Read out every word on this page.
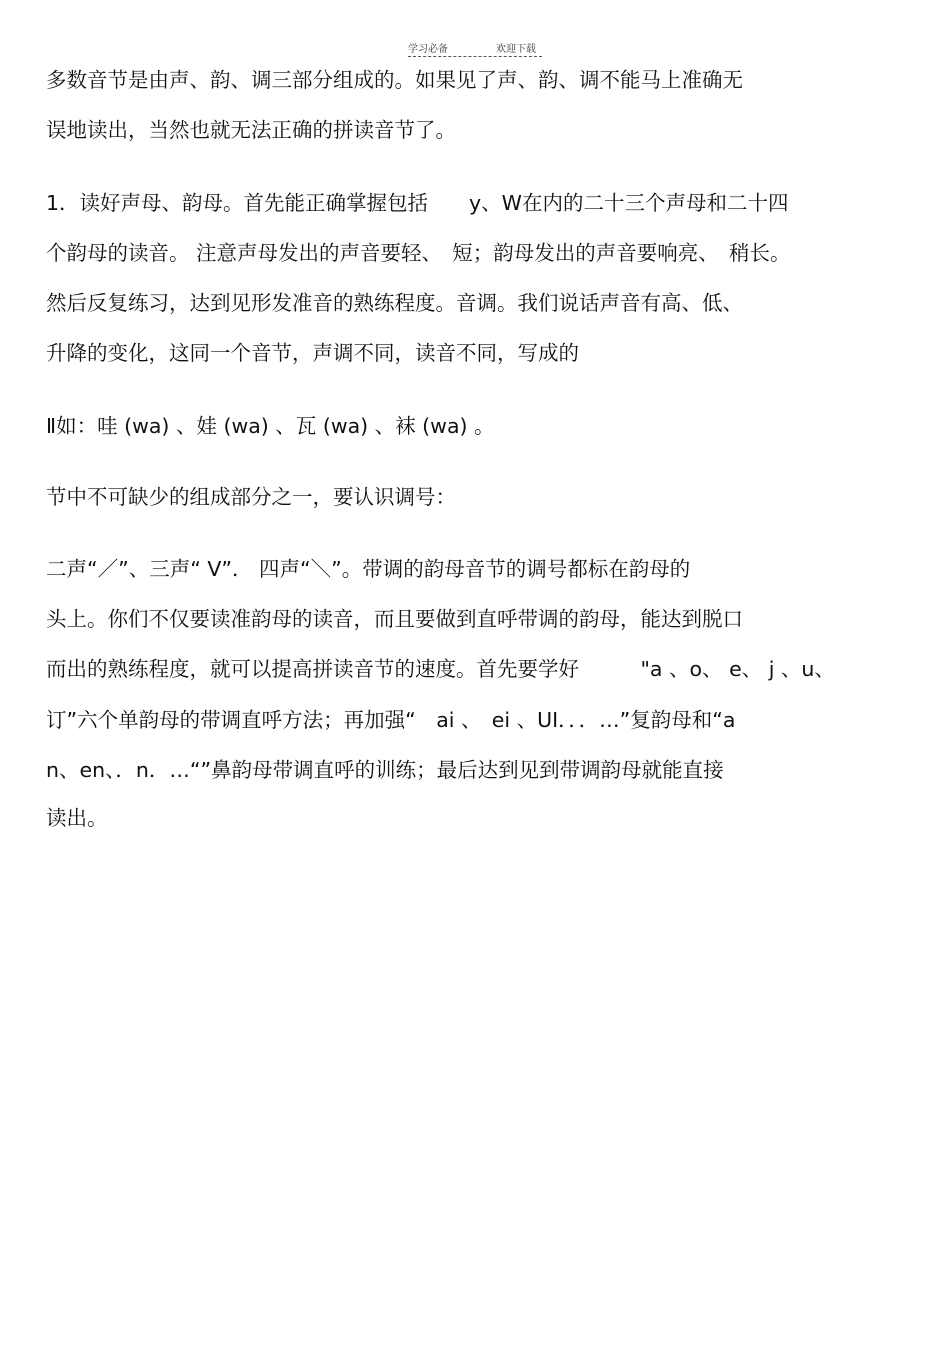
学习必备	欢迎下载
多数音节是由声、韵、调三部分组成的。如果见了声、韵、调不能马上准确无
误地读出，当然也就无法正确的拼读音节了。
1．读好声母、韵母。首先能正确掌握包括　　y、W在内的二十三个声母和二十四
个韵母的读音。 注意声母发出的声音要轻、　短；韵母发出的声音要响亮、　稍长。
然后反复练习，达到见形发准音的熟练程度。音调。我们说话声音有高、低、
升降的变化，这同一个音节，声调不同，读音不同，写成的
Ⅱ如：哇 (wa) 、娃 (wa) 、瓦 (wa) 、袜 (wa) 。
节中不可缺少的组成部分之一，要认识调号：
二声“／”、三声“ V”． 四声“＼”。带调的韵母音节的调号都标在韵母的
头上。你们不仅要读准韵母的读音，而且要做到直呼带调的韵母，能达到脱口
而出的熟练程度，就可以提高拼读音节的速度。首先要学好　　　"a 、o、 e、 j 、u、
订”六个单韵母的带调直呼方法；再加强“　ai 、　ei 、UI．．．…”复韵母和“a
n、en、．n．…“”鼻韵母带调直呼的训练；最后达到见到带调韵母就能直接
读出。
